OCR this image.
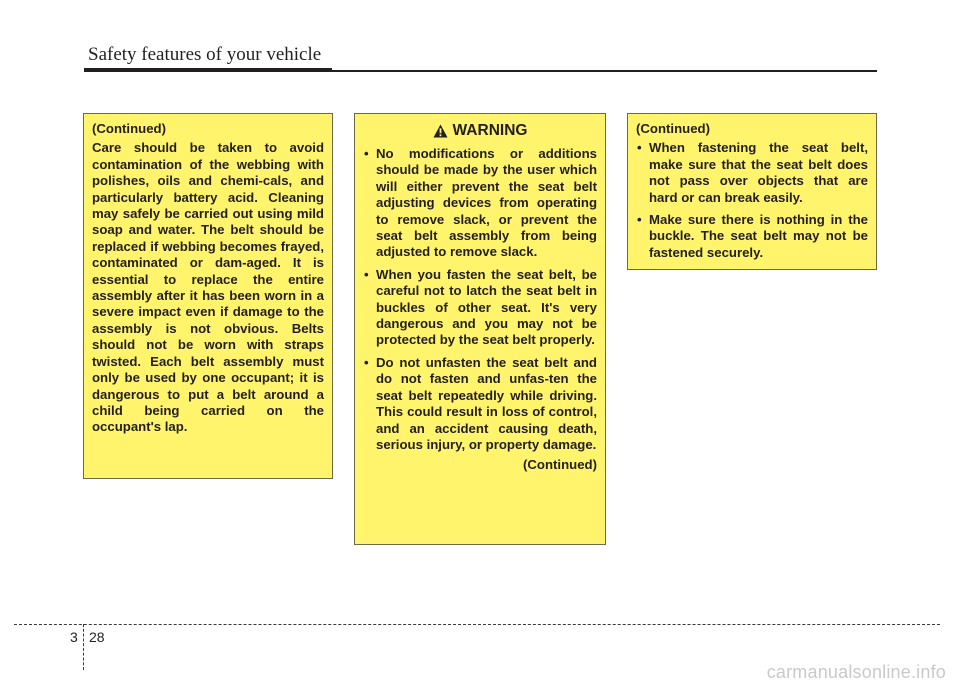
Safety features of your vehicle

(Continued)

Care should be taken to avoid contamination of the webbing with polishes, oils and chemi-cals, and particularly battery acid. Cleaning may safely be carried out using mild soap and water. The belt should be replaced if webbing becomes frayed, contaminated or dam-aged. It is essential to replace the entire assembly after it has been worn in a severe impact even if damage to the assembly is not obvious. Belts should not be worn with straps twisted. Each belt assembly must only be used by one occupant; it is dangerous to put a belt around a child being carried on the occupant's lap.

WARNING
• No modifications or additions should be made by the user which will either prevent the seat belt adjusting devices from operating to remove slack, or prevent the seat belt assembly from being adjusted to remove slack.
• When you fasten the seat belt, be careful not to latch the seat belt in buckles of other seat. It's very dangerous and you may not be protected by the seat belt properly.
• Do not unfasten the seat belt and do not fasten and unfas-ten the seat belt repeatedly while driving. This could result in loss of control, and an accident causing death, serious injury, or property damage.

(Continued)

(Continued)

• When fastening the seat belt, make sure that the seat belt does not pass over objects that are hard or can break easily.
• Make sure there is nothing in the buckle. The seat belt may not be fastened securely.
3 28
carmanualsonline.info
